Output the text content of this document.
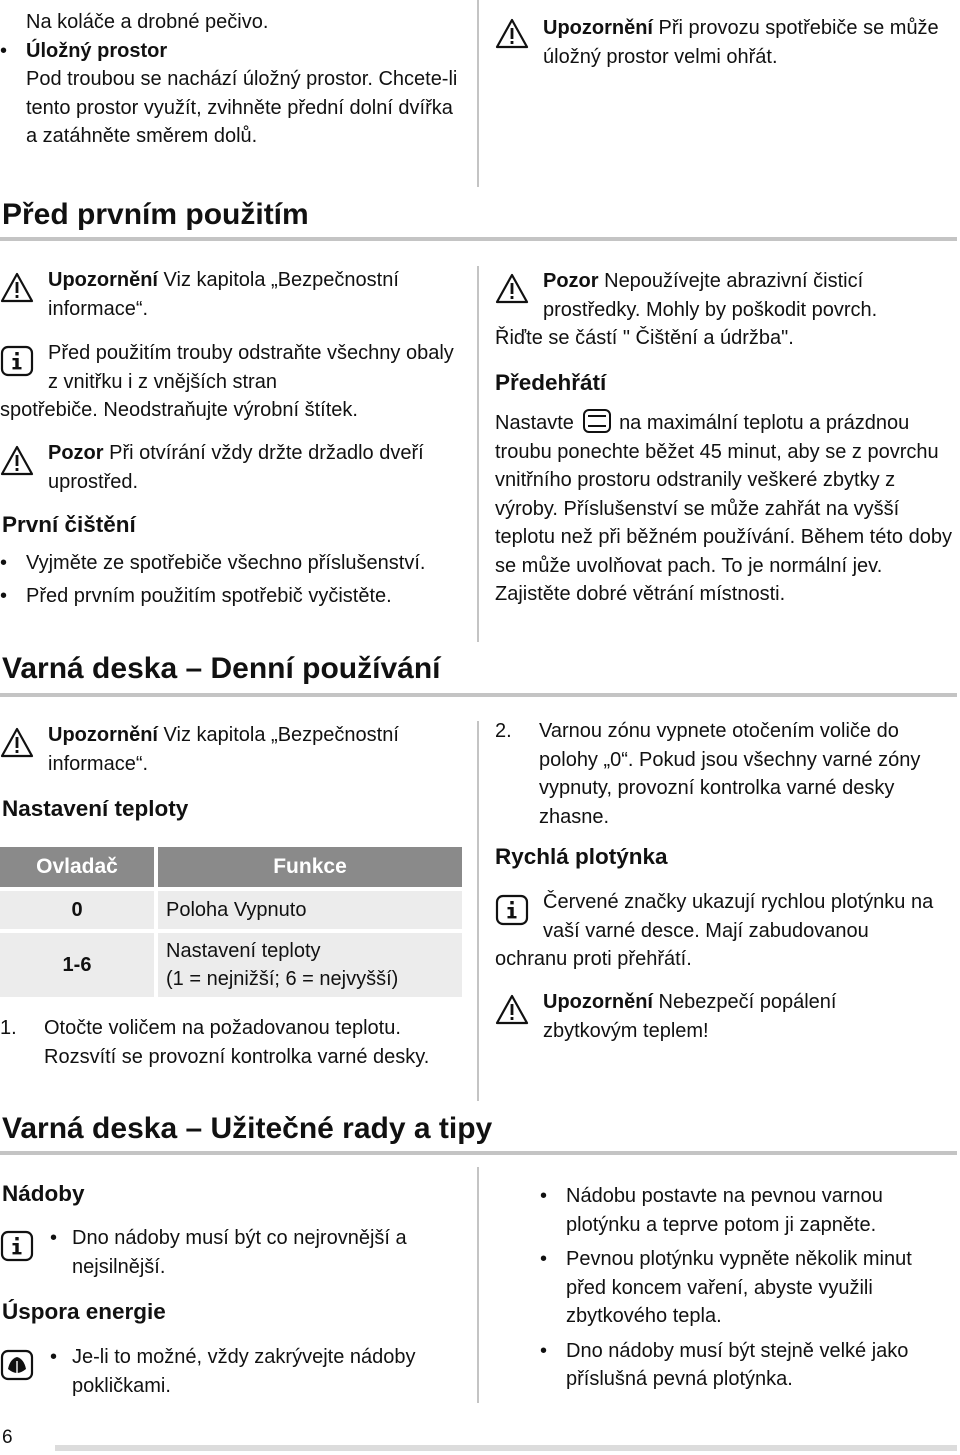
Na koláče a drobné pečivo.

• Úložný prostor
Pod troubou se nachází úložný prostor. Chcete-li tento prostor využít, zvihněte přední dolní dvířka a zatáhněte směrem dolů.

Upozornění Při provozu spotřebiče se může úložný prostor velmi ohřát.

Před prvním použitím

Upozornění Viz kapitola „Bezpečnostní informace“.

Před použitím trouby odstraňte všechny obaly z vnitřku i z vnějších stran

spotřebiče. Neodstraňujte výrobní štítek.

Pozor Při otvírání vždy držte držadlo dveří uprostřed.

První čištění
• Vyjměte ze spotřebiče všechno příslušenství.
• Před prvním použitím spotřebič vyčistěte.

Pozor Nepoužívejte abrazivní čisticí prostředky. Mohly by poškodit povrch.

Řiďte se částí " Čištění a údržba".

Předehřátí

Nastavte na maximální teplotu a prázdnou troubu ponechte běžet 45 minut, aby se z povrchu vnitřního prostoru odstranily veškeré zbytky z výroby. Příslušenství se může zahřát na vyšší teplotu než při běžném používání. Během této doby se může uvolňovat pach. To je normální jev. Zajistěte dobré větrání místnosti.

Varná deska – Denní používání

Upozornění Viz kapitola „Bezpečnostní informace“.

Nastavení teploty
Ovladač	Funkce
0	Poloha Vypnuto
1-6	Nastavení teploty
(1 = nejnižší; 6 = nejvyšší)
1. Otočte voličem na požadovanou teplotu. Rozsvítí se provozní kontrolka varné desky.
2. Varnou zónu vypnete otočením voliče do polohy „0“. Pokud jsou všechny varné zóny vypnuty, provozní kontrolka varné desky zhasne.
Rychlá plotýnka

Červené značky ukazují rychlou plotýnku na vaší varné desce. Mají zabudovanou

ochranu proti přehřátí.

Upozornění Nebezpečí popálení zbytkovým teplem!

Varná deska – Užitečné rady a tipy
Nádoby
• Dno nádoby musí být co nejrovnější a nejsilnější.
Úspora energie
• Je-li to možné, vždy zakrývejte nádoby pokličkami.
• Nádobu postavte na pevnou varnou plotýnku a teprve potom ji zapněte.
• Pevnou plotýnku vypněte několik minut před koncem vaření, abyste využili zbytkového tepla.
• Dno nádoby musí být stejně velké jako příslušná pevná plotýnka.
6
